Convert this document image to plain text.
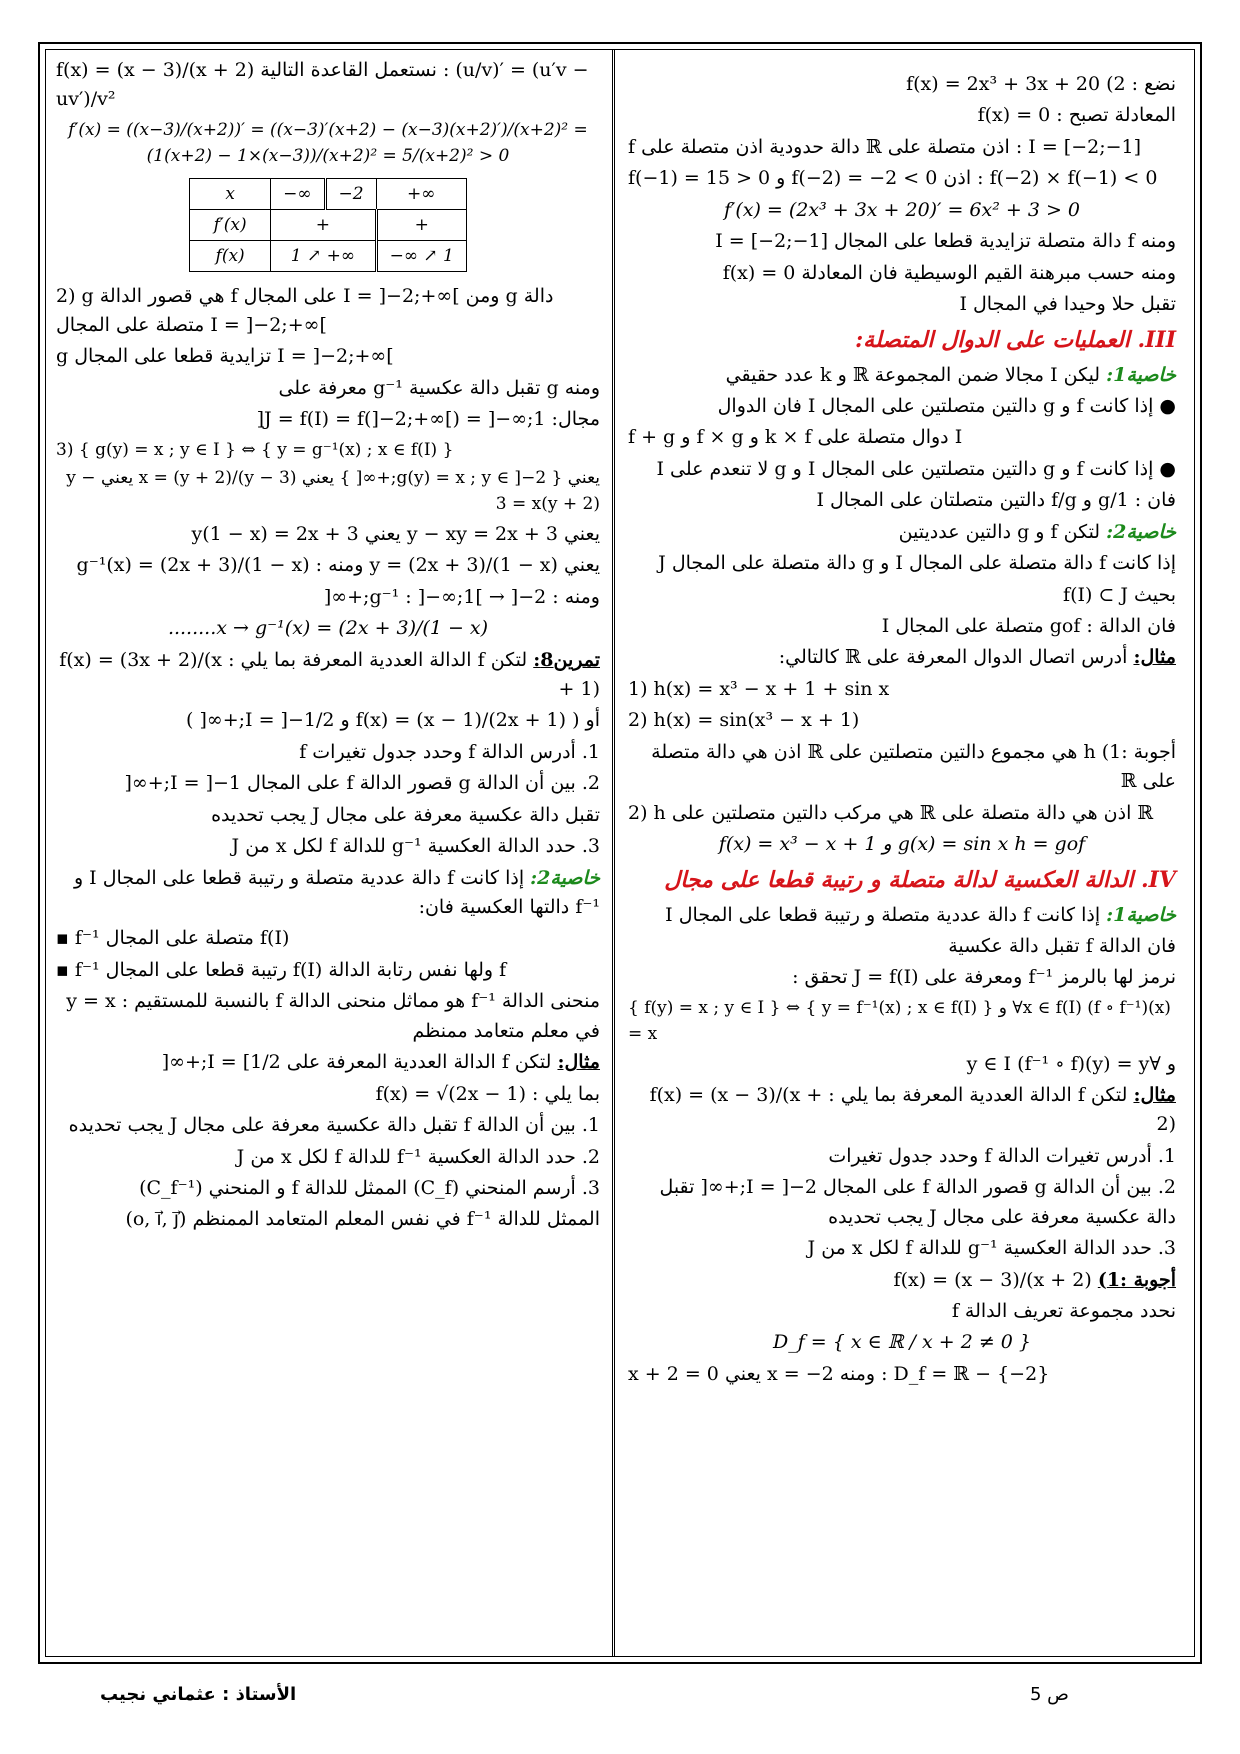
نضع : 2) f(x) = 2x³ + 3x + 20
المعادلة تصبح : f(x) = 0
f دالة حدودية اذن متصلة على ℝ اذن متصلة على : I = [−2;−1]
f(−1) = 15 > 0 و f(−2) = −2 < 0 اذن : f(−2) × f(−1) < 0
f′(x) = (2x³ + 3x + 20)′ = 6x² + 3 > 0
ومنه f دالة متصلة تزايدية قطعا على المجال I = [−2;−1]
ومنه حسب مبرهنة القيم الوسيطية فان المعادلة f(x) = 0
تقبل حلا وحيدا في المجال I
III. العمليات على الدوال المتصلة:
خاصية1: ليكن I مجالا ضمن المجموعة ℝ و k عدد حقيقي
● إذا كانت f و g دالتين متصلتين على المجال I فان الدوال
f + g و f × g و k × f دوال متصلة على I
● إذا كانت f و g دالتين متصلتين على المجال I و g لا تنعدم على I
فان : 1/g و f/g دالتين متصلتان على المجال I
خاصية2: لتكن f و g دالتين عدديتين
إذا كانت f دالة متصلة على المجال I و g دالة متصلة على المجال J
بحيث f(I) ⊂ J
فان الدالة : gof متصلة على المجال I
مثال: أدرس اتصال الدوال المعرفة على ℝ كالتالي:
1) h(x) = x³ − x + 1 + sin x
2) h(x) = sin(x³ − x + 1)
أجوبة :1) h هي مجموع دالتين متصلتين على ℝ اذن هي دالة متصلة على ℝ
2) h هي مركب دالتين متصلتين على ℝ اذن هي دالة متصلة على ℝ
f(x) = x³ − x + 1 و g(x) = sin x h = gof
IV. الدالة العكسية لدالة متصلة و رتيبة قطعا على مجال
خاصية1: إذا كانت f دالة عددية متصلة و رتيبة قطعا على المجال I
فان الدالة f تقبل دالة عكسية
نرمز لها بالرمز f⁻¹ ومعرفة على J = f(I) تحقق :
{ f(y) = x ; y ∈ I } ⇔ { y = f⁻¹(x) ; x ∈ f(I) } و ∀x ∈ f(I) (f ∘ f⁻¹)(x) = x
و ∀y ∈ I (f⁻¹ ∘ f)(y) = y
مثال: لتكن f الدالة العددية المعرفة بما يلي : f(x) = (x − 3)/(x + 2)
1. أدرس تغيرات الدالة f وحدد جدول تغيرات
2. بين أن الدالة g قصور الدالة f على المجال I = ]−2;+∞[ تقبل دالة عكسية معرفة على مجال J يجب تحديده
3. حدد الدالة العكسية g⁻¹ للدالة f لكل x من J
أجوبة :1) f(x) = (x − 3)/(x + 2)
نحدد مجموعة تعريف الدالة f
D_f = { x ∈ ℝ / x + 2 ≠ 0 }
x + 2 = 0 يعني x = −2 ومنه : D_f = ℝ − {−2}
f(x) = (x − 3)/(x + 2) نستعمل القاعدة التالية : (u/v)′ = (u′v − uv′)/v²
f′(x) = ((x−3)/(x+2))′ = ((x−3)′(x+2) − (x−3)(x+2)′)/(x+2)² = (1(x+2) − 1×(x−3))/(x+2)² = 5/(x+2)² > 0
x	−∞	−2	+∞
f′(x)	+		+
f(x)	1 ↗ +∞		−∞ ↗ 1
2) g هي قصور الدالة f على المجال I = ]−2;+∞[ ومن g دالة متصلة على المجال I = ]−2;+∞[
g تزايدية قطعا على المجال I = ]−2;+∞[
ومنه g تقبل دالة عكسية g⁻¹ معرفة على
مجال: J = f(I) = f(]−2;+∞[) = ]−∞;1[
3) { g(y) = x ; y ∈ I } ⇔ { y = g⁻¹(x) ; x ∈ f(I) }
يعني { g(y) = x ; y ∈ ]−2;+∞[ } يعني (y − 3)/(y + 2) = x يعني y − 3 = x(y + 2)
يعني y − xy = 2x + 3 يعني y(1 − x) = 2x + 3
يعني y = (2x + 3)/(1 − x) ومنه : g⁻¹(x) = (2x + 3)/(1 − x)
ومنه : g⁻¹ : ]−∞;1[ → ]−2;+∞[
........x → g⁻¹(x) = (2x + 3)/(1 − x)
تمرين8: لتكن f الدالة العددية المعرفة بما يلي : f(x) = (3x + 2)/(x + 1)
أو ( f(x) = (x − 1)/(2x + 1) و I = ]−1/2;+∞[ )
1. أدرس الدالة f وحدد جدول تغيرات f
2. بين أن الدالة g قصور الدالة f على المجال I = ]−1;+∞[
تقبل دالة عكسية معرفة على مجال J يجب تحديده
3. حدد الدالة العكسية g⁻¹ للدالة f لكل x من J
خاصية2: إذا كانت f دالة عددية متصلة و رتيبة قطعا على المجال I و f⁻¹ دالتها العكسية فان:
▪ f⁻¹ متصلة على المجال f(I)
▪ f⁻¹ رتيبة قطعا على المجال f(I) ولها نفس رتابة الدالة f
منحنى الدالة f⁻¹ هو مماثل منحنى الدالة f بالنسبة للمستقيم : y = x في معلم متعامد ممنظم
مثال: لتكن f الدالة العددية المعرفة على I = [1/2;+∞[
بما يلي : f(x) = √(2x − 1)
1. بين أن الدالة f تقبل دالة عكسية معرفة على مجال J يجب تحديده
2. حدد الدالة العكسية f⁻¹ للدالة f لكل x من J
3. أرسم المنحني (C_f) الممثل للدالة f و المنحني (C_f⁻¹)
الممثل للدالة f⁻¹ في نفس المعلم المتعامد الممنظم (o, i⃗, j⃗)
الأستاذ : عثماني نجيب	ص 5
